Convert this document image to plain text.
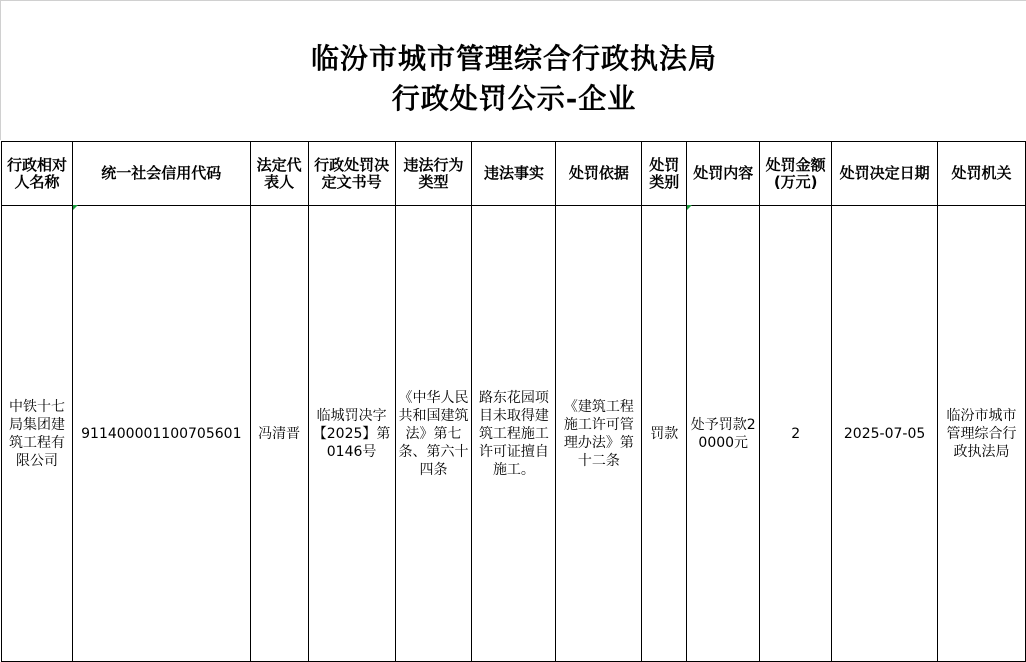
临汾市城市管理综合行政执法局
行政处罚公示-企业
行政相对人名称	统一社会信用代码	法定代表人	行政处罚决定文书号	违法行为类型	违法事实	处罚依据	处罚类别	处罚内容	处罚金额(万元)	处罚决定日期	处罚机关
中铁十七局集团建筑工程有限公司	911400001100705601	冯清晋	临城罚决字【2025】第0146号	《中华人民共和国建筑法》第七条、第六十四条	路东花园项目未取得建筑工程施工许可证擅自施工。	《建筑工程施工许可管理办法》第十二条	罚款	处予罚款20000元	2	2025-07-05	临汾市城市管理综合行政执法局
